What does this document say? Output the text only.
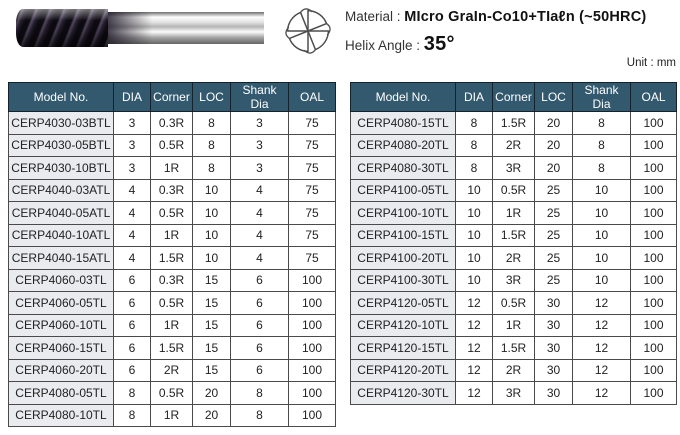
Material : MIcro GraIn-Co10+TIaℓn (~50HRC)

Helix Angle : 35°

Unit : mm
Model No.	DIA	Corner	LOC	Shank Dia	OAL
CERP4030-03BTL	3	0.3R	8	3	75
CERP4030-05BTL	3	0.5R	8	3	75
CERP4030-10BTL	3	1R	8	3	75
CERP4040-03ATL	4	0.3R	10	4	75
CERP4040-05ATL	4	0.5R	10	4	75
CERP4040-10ATL	4	1R	10	4	75
CERP4040-15ATL	4	1.5R	10	4	75
CERP4060-03TL	6	0.3R	15	6	100
CERP4060-05TL	6	0.5R	15	6	100
CERP4060-10TL	6	1R	15	6	100
CERP4060-15TL	6	1.5R	15	6	100
CERP4060-20TL	6	2R	15	6	100
CERP4080-05TL	8	0.5R	20	8	100
CERP4080-10TL	8	1R	20	8	100
Model No.	DIA	Corner	LOC	Shank Dia	OAL
CERP4080-15TL	8	1.5R	20	8	100
CERP4080-20TL	8	2R	20	8	100
CERP4080-30TL	8	3R	20	8	100
CERP4100-05TL	10	0.5R	25	10	100
CERP4100-10TL	10	1R	25	10	100
CERP4100-15TL	10	1.5R	25	10	100
CERP4100-20TL	10	2R	25	10	100
CERP4100-30TL	10	3R	25	10	100
CERP4120-05TL	12	0.5R	30	12	100
CERP4120-10TL	12	1R	30	12	100
CERP4120-15TL	12	1.5R	30	12	100
CERP4120-20TL	12	2R	30	12	100
CERP4120-30TL	12	3R	30	12	100
